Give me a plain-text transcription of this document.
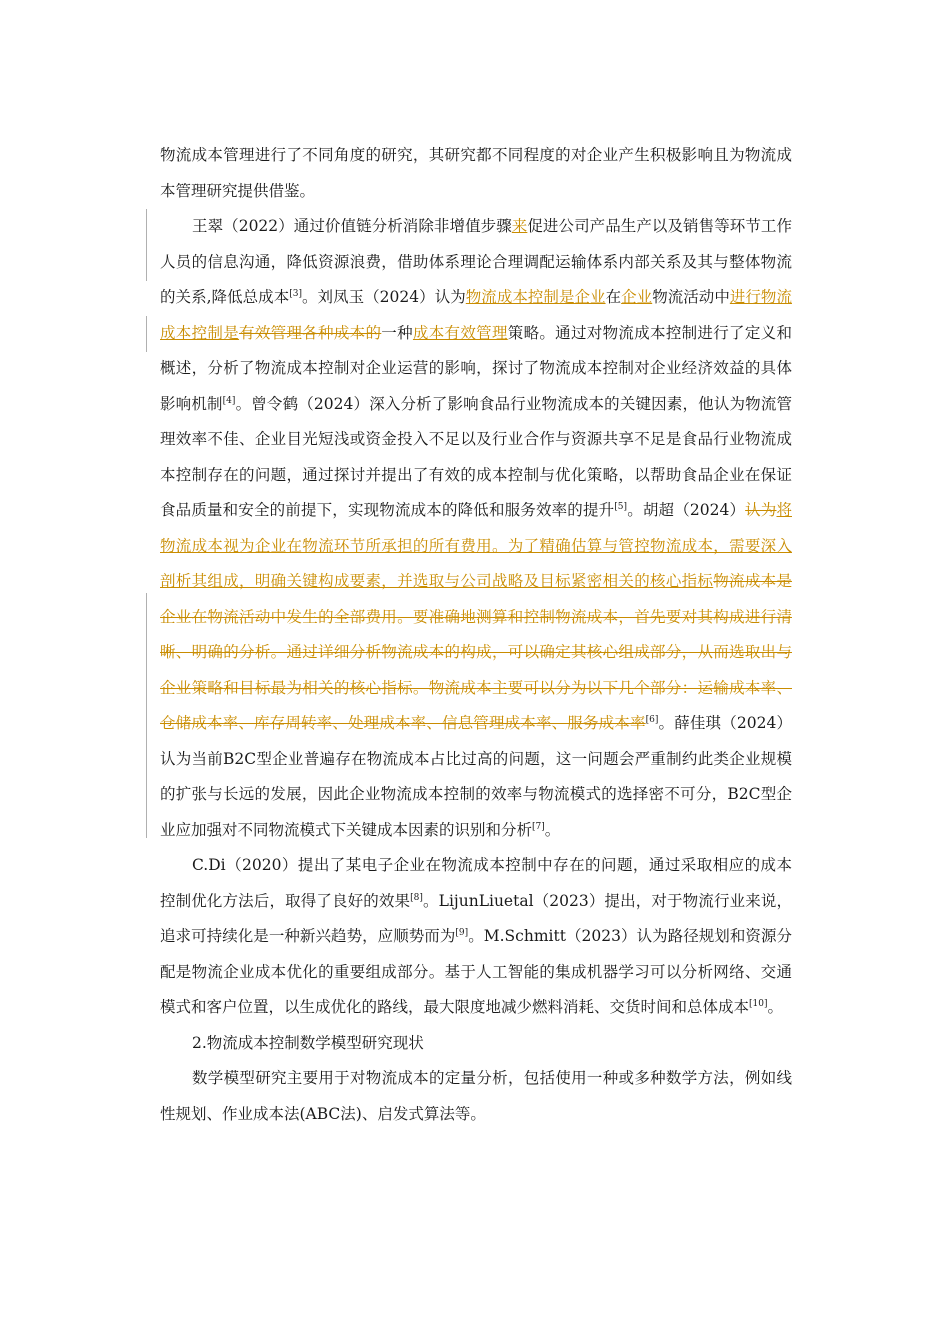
物流成本管理进行了不同角度的研究，其研究都不同程度的对企业产生积极影响且为物流成本管理研究提供借鉴。

王翠（2022）通过价值链分析消除非增值步骤来促进公司产品生产以及销售等环节工作人员的信息沟通，降低资源浪费，借助体系理论合理调配运输体系内部关系及其与整体物流的关系,降低总成本[3]。刘凤玉（2024）认为物流成本控制是企业在企业物流活动中进行物流成本控制是有效管理各种成本的一种成本有效管理策略。通过对物流成本控制进行了定义和概述，分析了物流成本控制对企业运营的影响，探讨了物流成本控制对企业经济效益的具体影响机制[4]。曾令鹤（2024）深入分析了影响食品行业物流成本的关键因素，他认为物流管理效率不佳、企业目光短浅或资金投入不足以及行业合作与资源共享不足是食品行业物流成本控制存在的问题，通过探讨并提出了有效的成本控制与优化策略，以帮助食品企业在保证食品质量和安全的前提下，实现物流成本的降低和服务效率的提升[5]。胡超（2024）认为将物流成本视为企业在物流环节所承担的所有费用。为了精确估算与管控物流成本，需要深入剖析其组成，明确关键构成要素，并选取与公司战略及目标紧密相关的核心指标物流成本是企业在物流活动中发生的全部费用。要准确地测算和控制物流成本，首先要对其构成进行清晰、明确的分析。通过详细分析物流成本的构成，可以确定其核心组成部分，从而选取出与企业策略和目标最为相关的核心指标。物流成本主要可以分为以下几个部分：运输成本率、仓储成本率、库存周转率、处理成本率、信息管理成本率、服务成本率[6]。薛佳琪（2024）认为当前B2C型企业普遍存在物流成本占比过高的问题，这一问题会严重制约此类企业规模的扩张与长远的发展，因此企业物流成本控制的效率与物流模式的选择密不可分，B2C型企业应加强对不同物流模式下关键成本因素的识别和分析[7]。

C.Di（2020）提出了某电子企业在物流成本控制中存在的问题，通过采取相应的成本控制优化方法后，取得了良好的效果[8]。LijunLiuetal（2023）提出，对于物流行业来说，追求可持续化是一种新兴趋势，应顺势而为[9]。M.Schmitt（2023）认为路径规划和资源分配是物流企业成本优化的重要组成部分。基于人工智能的集成机器学习可以分析网络、交通模式和客户位置，以生成优化的路线，最大限度地减少燃料消耗、交货时间和总体成本[10]。

2.物流成本控制数学模型研究现状

数学模型研究主要用于对物流成本的定量分析，包括使用一种或多种数学方法，例如线性规划、作业成本法(ABC法)、启发式算法等。
